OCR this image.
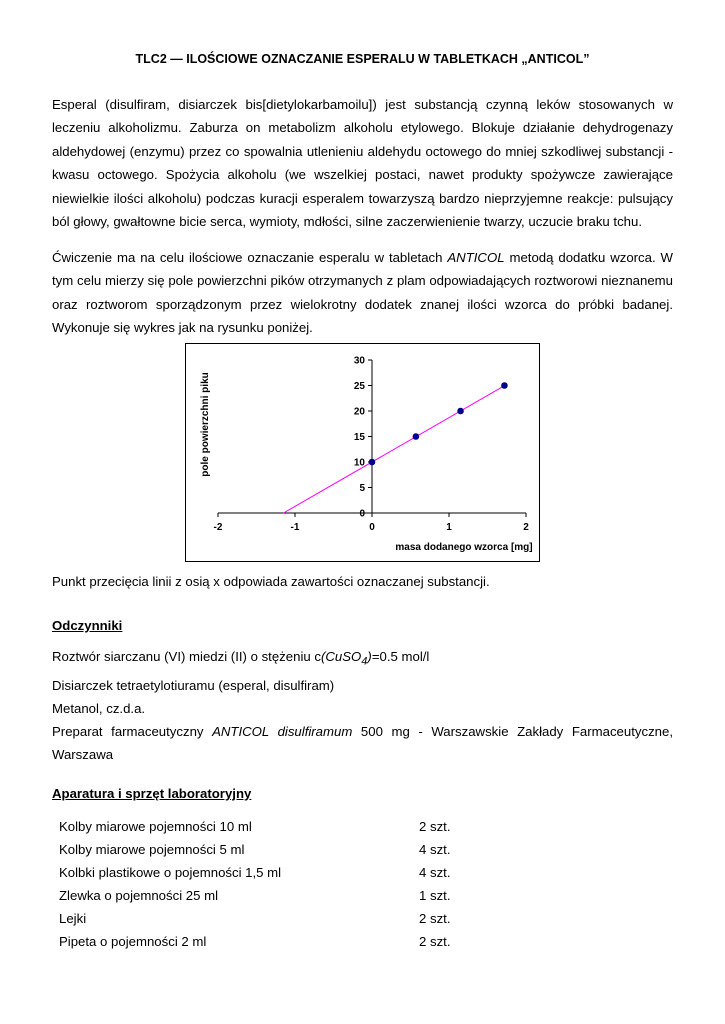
TLC2 — ILOŚCIOWE OZNACZANIE ESPERALU W TABLETKACH „ANTICOL”

Esperal (disulfiram, disiarczek bis[dietylokarbamoilu]) jest substancją czynną leków stosowanych w leczeniu alkoholizmu. Zaburza on metabolizm alkoholu etylowego. Blokuje działanie dehydrogenazy aldehydowej (enzymu) przez co spowalnia utlenieniu aldehydu octowego do mniej szkodliwej substancji - kwasu octowego. Spożycia alkoholu (we wszelkiej postaci, nawet produkty spożywcze zawierające niewielkie ilości alkoholu) podczas kuracji esperalem towarzyszą bardzo nieprzyjemne reakcje: pulsujący ból głowy, gwałtowne bicie serca, wymioty, mdłości, silne zaczerwienienie twarzy, uczucie braku tchu.

Ćwiczenie ma na celu ilościowe oznaczanie esperalu w tabletach ANTICOL metodą dodatku wzorca. W tym celu mierzy się pole powierzchni pików otrzymanych z plam odpowiadających roztworowi nieznanemu oraz roztworom sporządzonym przez wielokrotny dodatek znanej ilości wzorca do próbki badanej. Wykonuje się wykres jak na rysunku poniżej.

0
5
10
15
20
25
30
-2	-1	0	1	2
pole powierzchni piku
masa dodanego wzorca [mg]
Punkt przecięcia linii z osią x odpowiada zawartości oznaczanej substancji.
Odczynniki
Roztwór siarczanu (VI) miedzi (II) o stężeniu c(CuSO$_4$)=0.5 mol/l
Disiarczek tetraetylotiuramu (esperal, disulfiram)
Metanol, cz.d.a.
Preparat farmaceutyczny ANTICOL disulfiramum 500 mg - Warszawskie Zakłady Farmaceutyczne, Warszawa
Aparatura i sprzęt laboratoryjny
Kolby miarowe pojemności 10 ml	2 szt.
Kolby miarowe pojemności 5 ml	4 szt.
Kolbki plastikowe o pojemności 1,5 ml	4 szt.
Zlewka o pojemności 25 ml	1 szt.
Lejki	2 szt.
Pipeta o pojemności 2 ml	2 szt.
